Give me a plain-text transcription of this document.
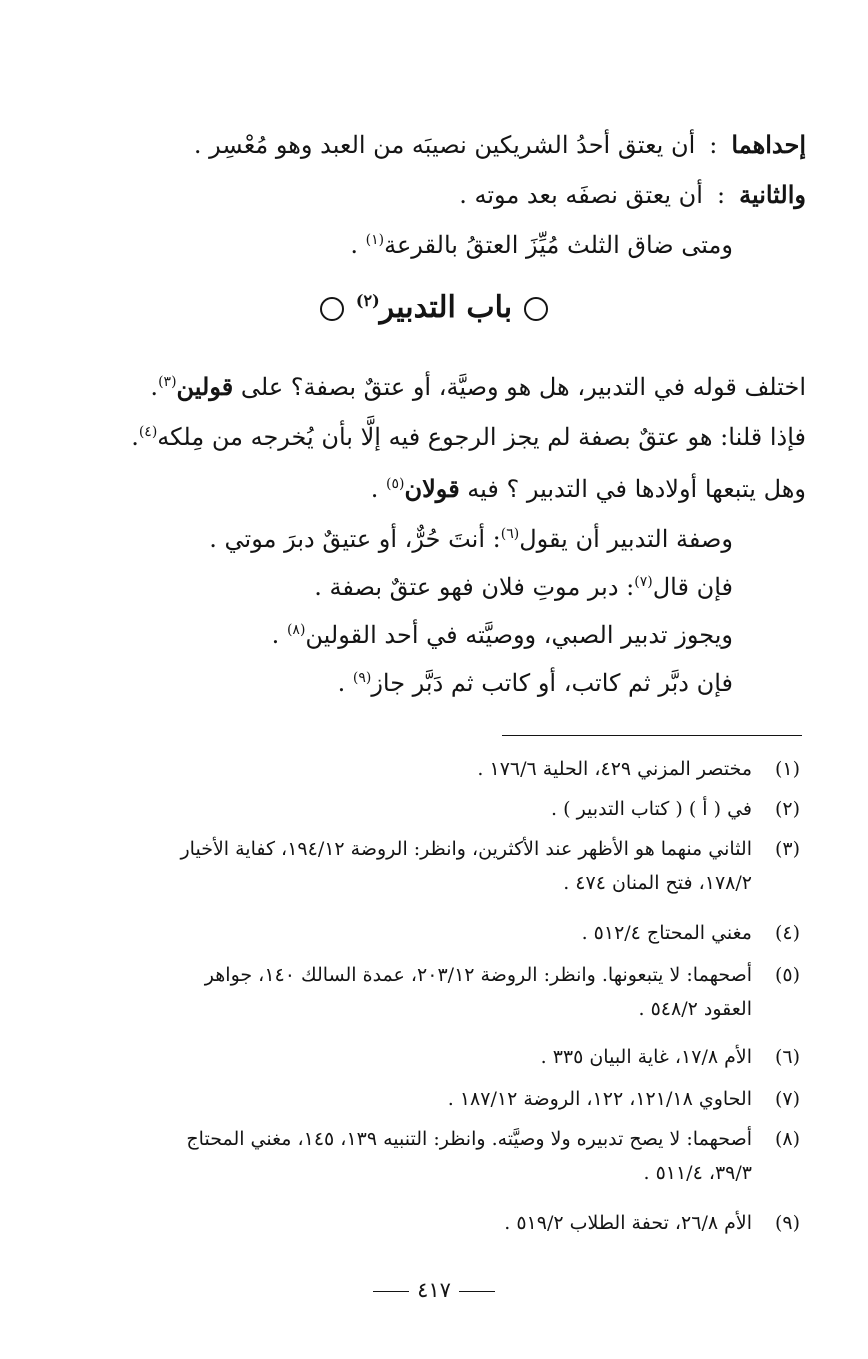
إحداهما:أن يعتق أحدُ الشريكين نصيبَه من العبد وهو مُعْسِر .
والثانية:أن يعتق نصفَه بعد موته .
ومتى ضاق الثلث مُيِّزَ العتقُ بالقرعة$^{(١)}$ .
باب التدبير$^{(٢)}$
اختلف قوله في التدبير، هل هو وصيَّة، أو عتقٌ بصفة؟ على قولين$^{(٣)}$.
فإذا قلنا: هو عتقٌ بصفة لم يجز الرجوع فيه إلَّا بأن يُخرجه من مِلكه$^{(٤)}$.
وهل يتبعها أولادها في التدبير ؟ فيه قولان$^{(٥)}$ .
وصفة التدبير أن يقول$^{(٦)}$: أنتَ حُرٌّ، أو عتيقٌ دبرَ موتي .
فإن قال$^{(٧)}$: دبر موتِ فلان فهو عتقٌ بصفة .
ويجوز تدبير الصبي، ووصيَّته في أحد القولين$^{(٨)}$ .
فإن دبَّر ثم كاتب، أو كاتب ثم دَبَّر جاز$^{(٩)}$ .
(١)
مختصر المزني ٤٢٩، الحلية ١٧٦/٦ .
(٢)
في ( أ ) ( كتاب التدبير ) .
(٣)
الثاني منهما هو الأظهر عند الأكثرين، وانظر: الروضة ١٩٤/١٢، كفاية الأخيار
١٧٨/٢، فتح المنان ٤٧٤ .
(٤)
مغني المحتاج ٥١٢/٤ .
(٥)
أصحهما: لا يتبعونها. وانظر: الروضة ٢٠٣/١٢، عمدة السالك ١٤٠، جواهر
العقود ٥٤٨/٢ .
(٦)
الأم ١٧/٨، غاية البيان ٣٣٥ .
(٧)
الحاوي ١٢١/١٨، ١٢٢، الروضة ١٨٧/١٢ .
(٨)
أصحهما: لا يصح تدبيره ولا وصيَّته. وانظر: التنبيه ١٣٩، ١٤٥، مغني المحتاج
٣٩/٣، ٥١١/٤ .
(٩)
الأم ٢٦/٨، تحفة الطلاب ٥١٩/٢ .
٤١٧
